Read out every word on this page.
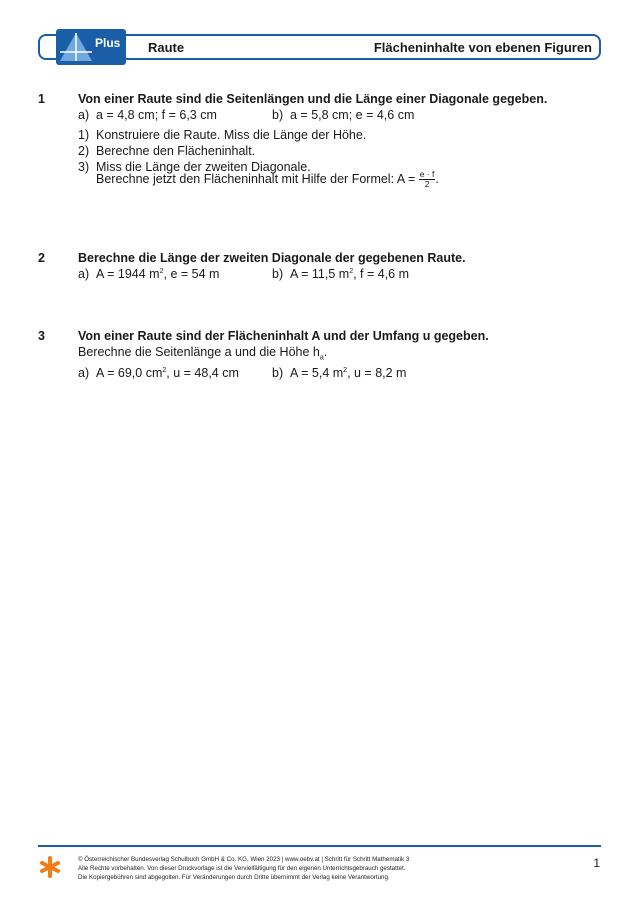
Plus Raute	Flächeninhalte von ebenen Figuren
1	Von einer Raute sind die Seitenlängen und die Länge einer Diagonale gegeben.
a) a = 4,8 cm; f = 6,3 cm	b) a = 5,8 cm; e = 4,6 cm
1) Konstruiere die Raute. Miss die Länge der Höhe.
2) Berechne den Flächeninhalt.
3) Miss die Länge der zweiten Diagonale.
Berechne jetzt den Flächeninhalt mit Hilfe der Formel: $A = \frac{e \cdot f}{2}$ .
2	Berechne die Länge der zweiten Diagonale der gegebenen Raute.
a) A = 1944 $m^2$, e = 54 m	b) A = 11,5 $m^2$, f = 4,6 m
3	Von einer Raute sind der Flächeninhalt A und der Umfang u gegeben.
Berechne die Seitenlänge a und die Höhe $h_a$.
a) A = 69,0 $cm^2$, u = 48,4 cm	b) A = 5,4 $m^2$, u = 8,2 m
© Österreichischer Bundesverlag Schulbuch GmbH & Co. KG, Wien 2023 | www.oebv.at | Schritt für Schritt Mathematik 3
Alle Rechte vorbehalten. Von dieser Druckvorlage ist die Vervielfältigung für den eigenen Unterrichtsgebrauch gestattet.
Die Kopiergebühren sind abgegolten. Für Veränderungen durch Dritte übernimmt der Verlag keine Verantwortung.
1
